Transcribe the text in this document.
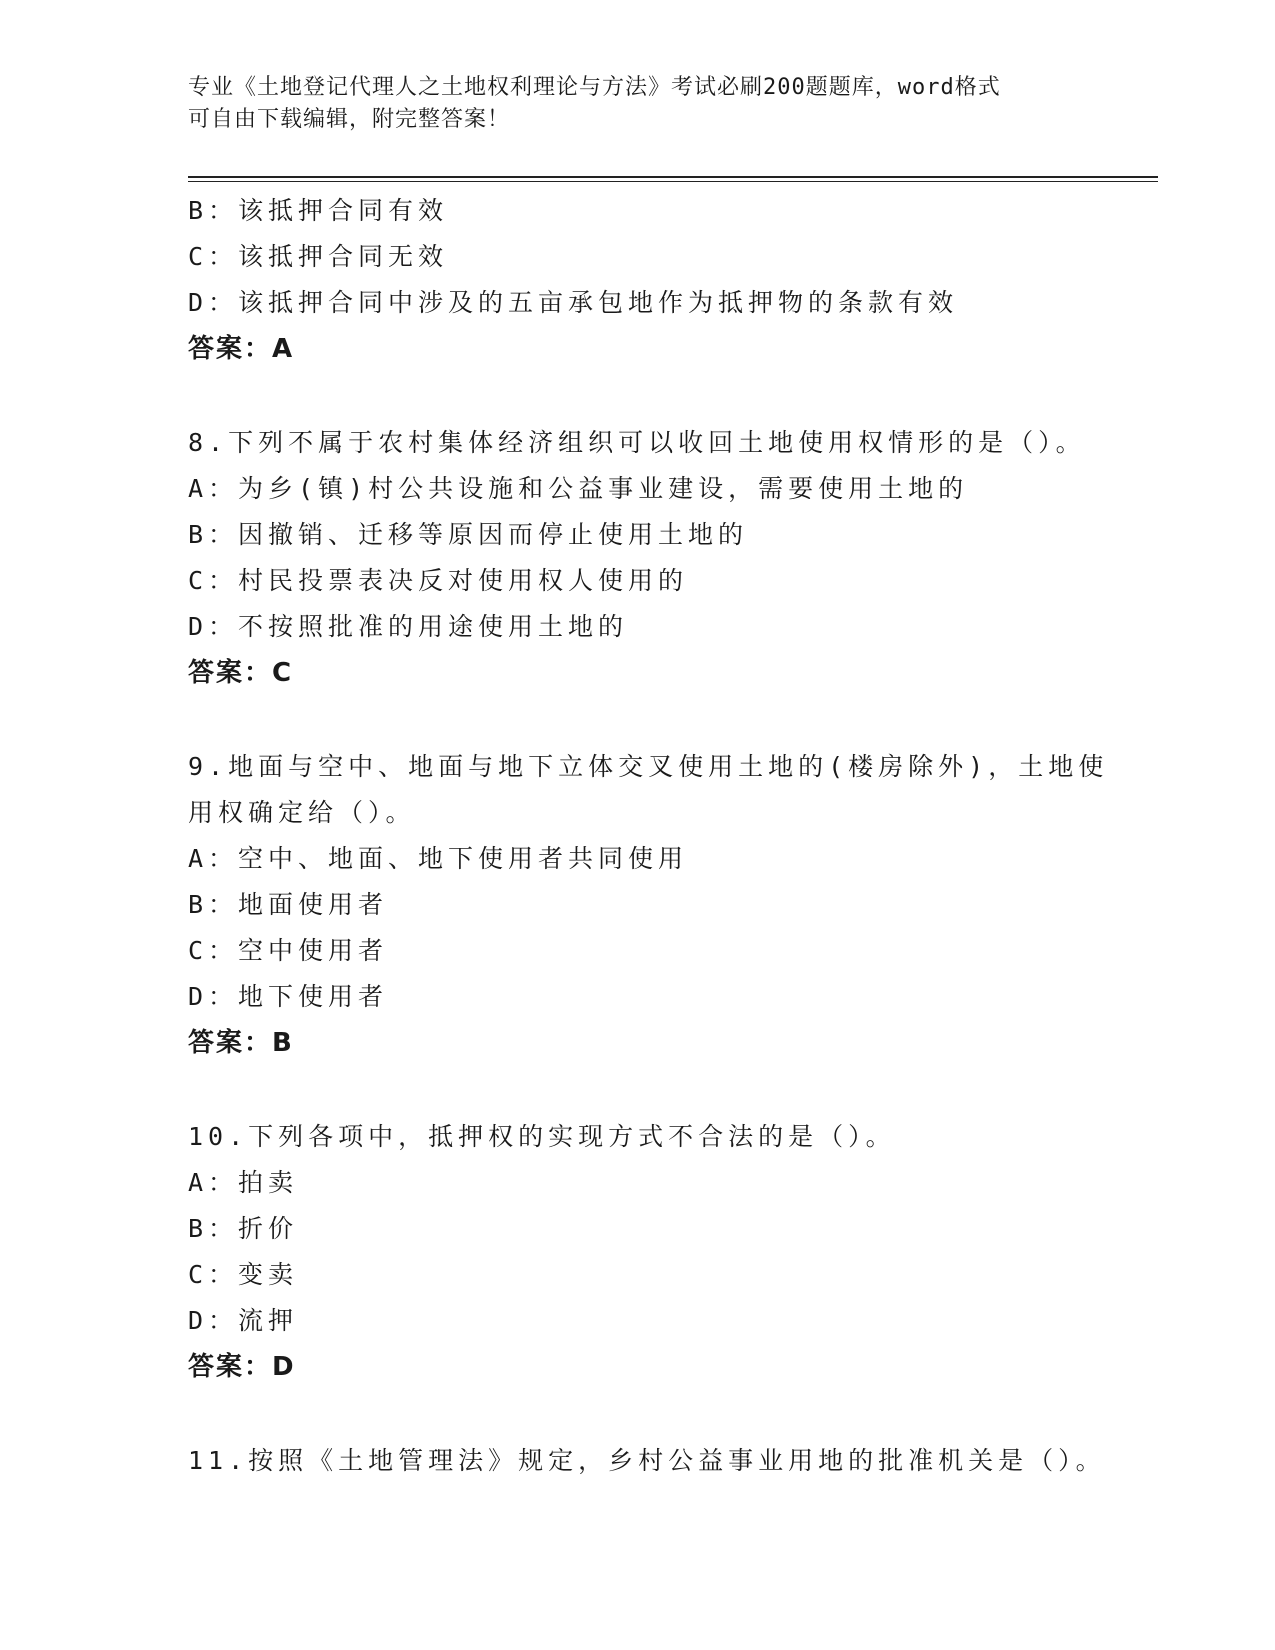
专业《土地登记代理人之土地权利理论与方法》考试必刷200题题库，word格式
可自由下载编辑，附完整答案！
B：该抵押合同有效
C：该抵押合同无效
D：该抵押合同中涉及的五亩承包地作为抵押物的条款有效
答案：A
8.下列不属于农村集体经济组织可以收回土地使用权情形的是（）。
A：为乡(镇)村公共设施和公益事业建设，需要使用土地的
B：因撤销、迁移等原因而停止使用土地的
C：村民投票表决反对使用权人使用的
D：不按照批准的用途使用土地的
答案：C
9.地面与空中、地面与地下立体交叉使用土地的(楼房除外)，土地使
用权确定给（）。
A：空中、地面、地下使用者共同使用
B：地面使用者
C：空中使用者
D：地下使用者
答案：B
10.下列各项中，抵押权的实现方式不合法的是（）。
A：拍卖
B：折价
C：变卖
D：流押
答案：D
11.按照《土地管理法》规定，乡村公益事业用地的批准机关是（）。
